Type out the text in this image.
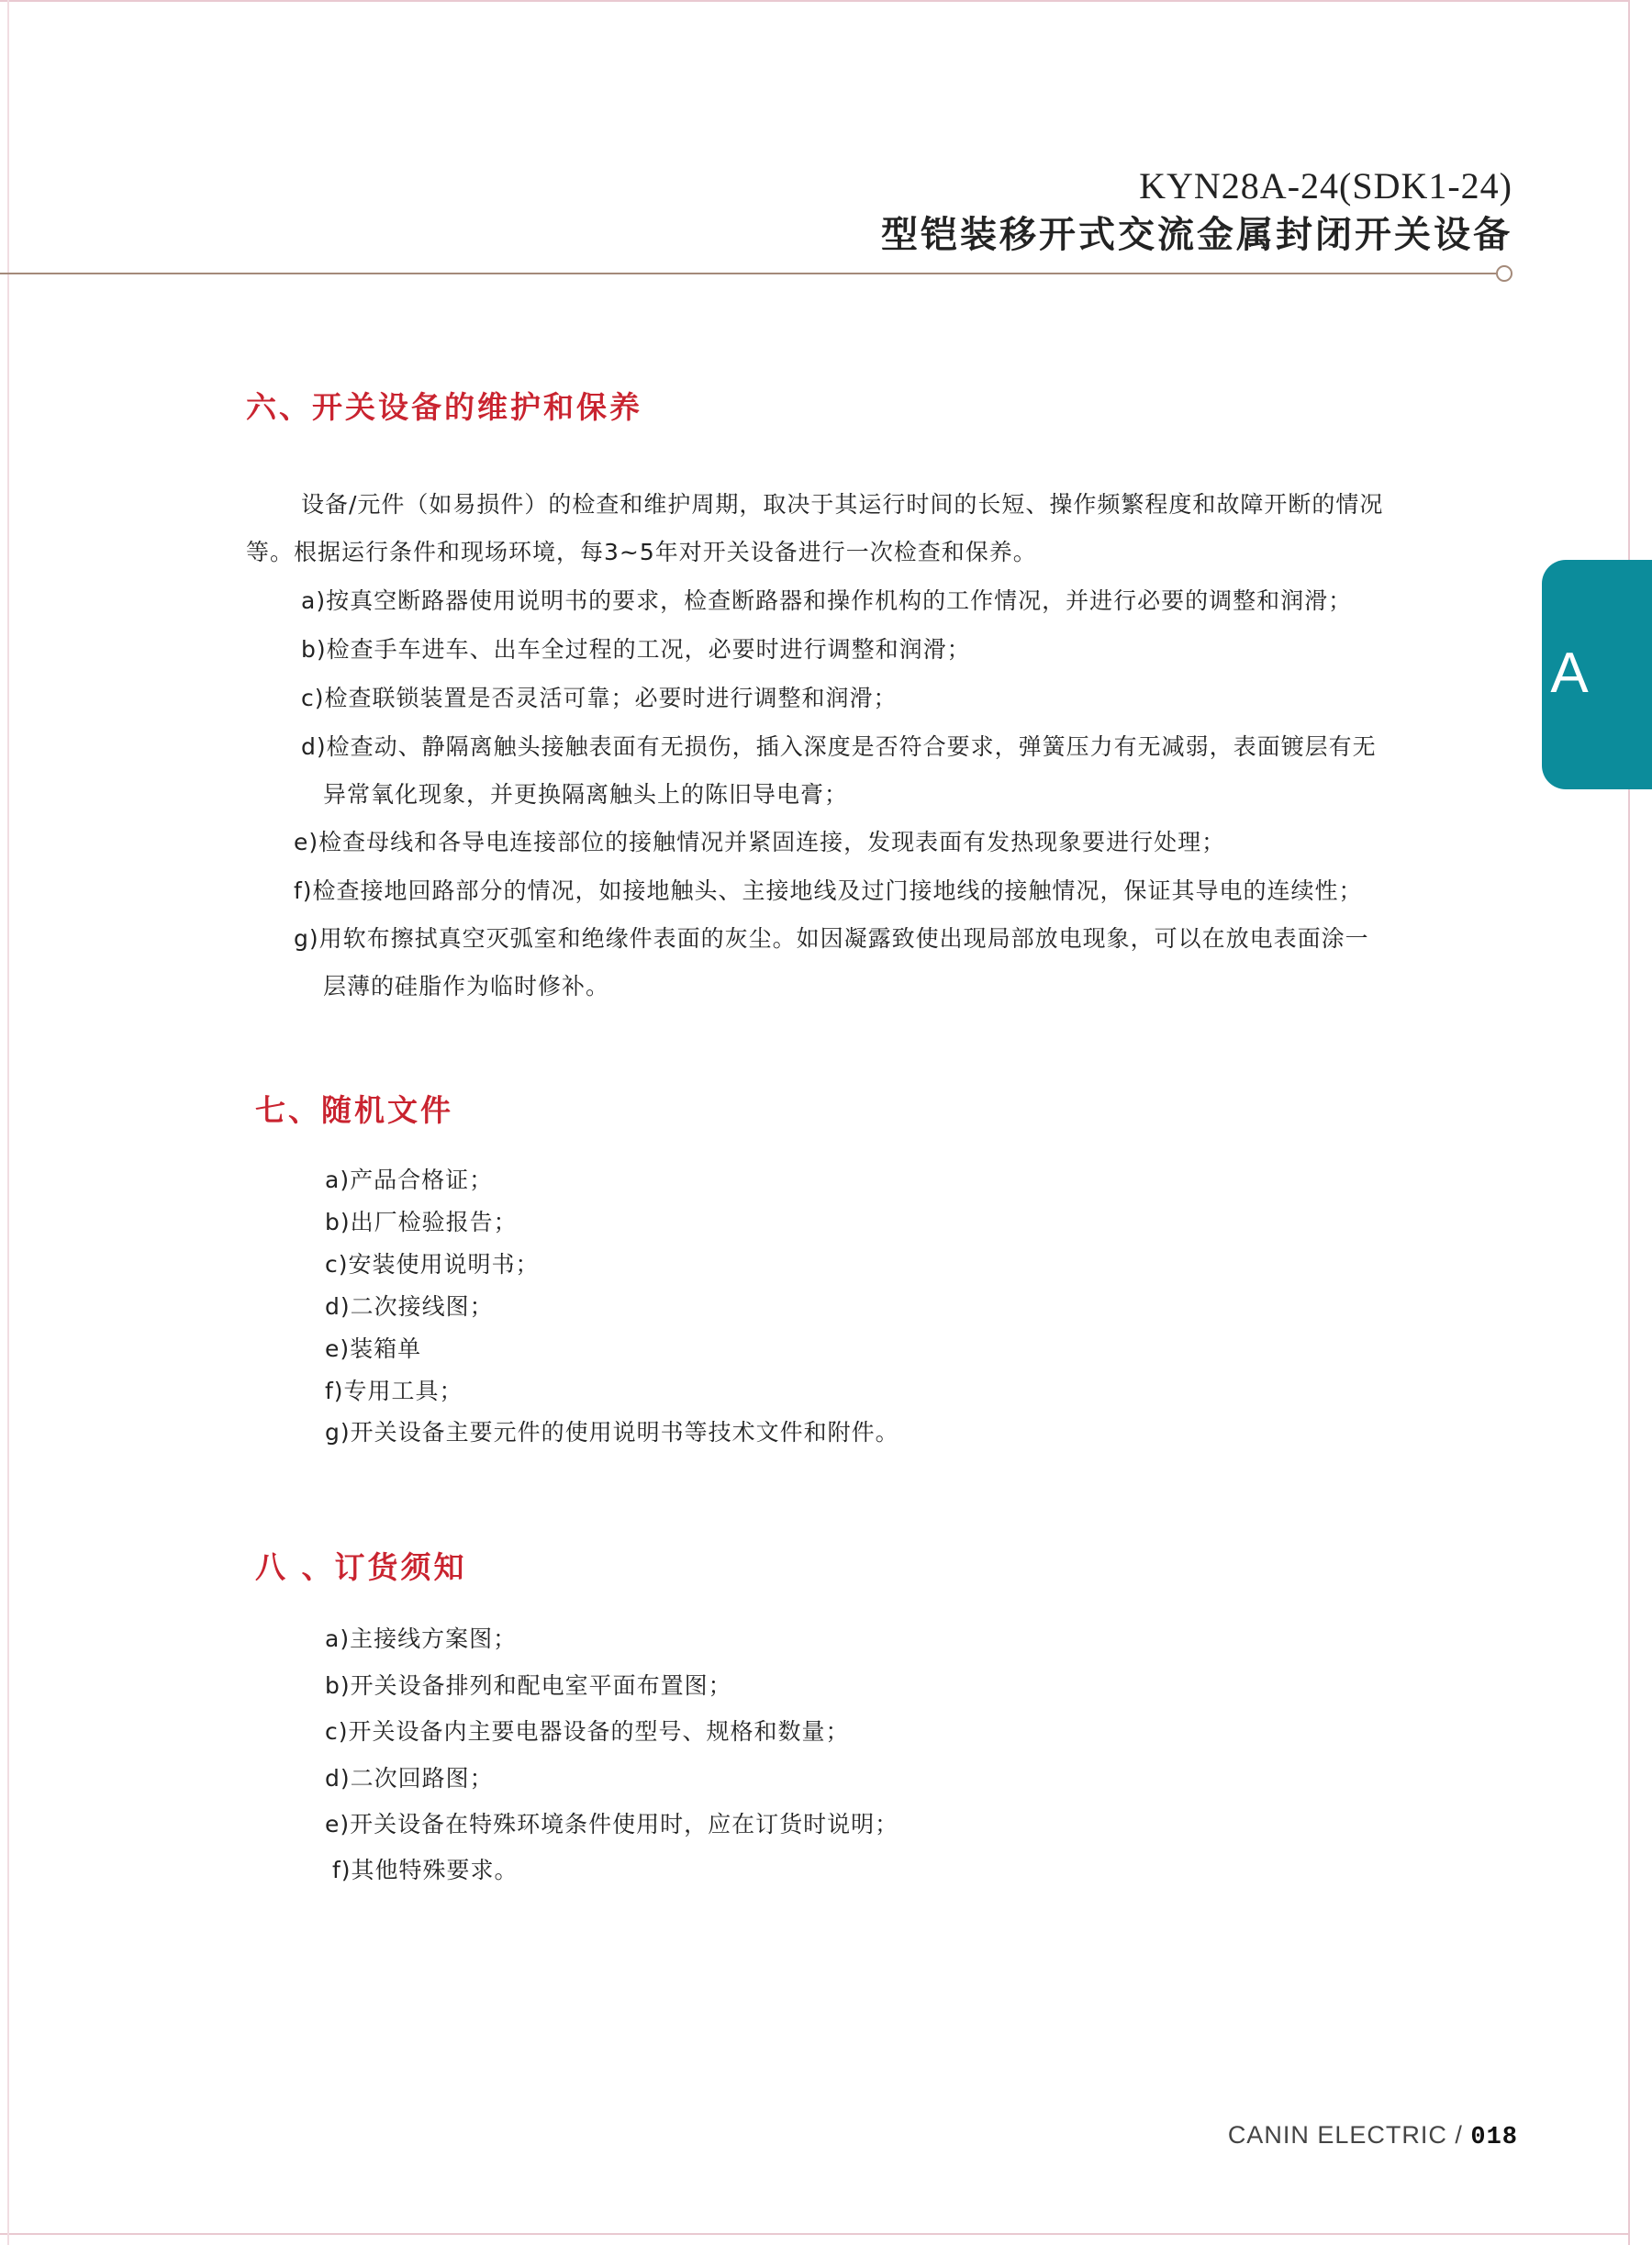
KYN28A-24(SDK1-24)
型铠装移开式交流金属封闭开关设备
A
六、开关设备的维护和保养
设备/元件（如易损件）的检查和维护周期，取决于其运行时间的长短、操作频繁程度和故障开断的情况
等。根据运行条件和现场环境，每3~5年对开关设备进行一次检查和保养。
a)按真空断路器使用说明书的要求，检查断路器和操作机构的工作情况，并进行必要的调整和润滑；
b)检查手车进车、出车全过程的工况，必要时进行调整和润滑；
c)检查联锁装置是否灵活可靠；必要时进行调整和润滑；
d)检查动、静隔离触头接触表面有无损伤，插入深度是否符合要求，弹簧压力有无减弱，表面镀层有无
异常氧化现象，并更换隔离触头上的陈旧导电膏；
e)检查母线和各导电连接部位的接触情况并紧固连接，发现表面有发热现象要进行处理；
f)检查接地回路部分的情况，如接地触头、主接地线及过门接地线的接触情况，保证其导电的连续性；
g)用软布擦拭真空灭弧室和绝缘件表面的灰尘。如因凝露致使出现局部放电现象，可以在放电表面涂一
层薄的硅脂作为临时修补。
七、随机文件
a)产品合格证；
b)出厂检验报告；
c)安装使用说明书；
d)二次接线图；
e)装箱单
f)专用工具；
g)开关设备主要元件的使用说明书等技术文件和附件。
八 、订货须知
a)主接线方案图；
b)开关设备排列和配电室平面布置图；
c)开关设备内主要电器设备的型号、规格和数量；
d)二次回路图；
e)开关设备在特殊环境条件使用时，应在订货时说明；
f)其他特殊要求。
CANIN ELECTRIC / 018
